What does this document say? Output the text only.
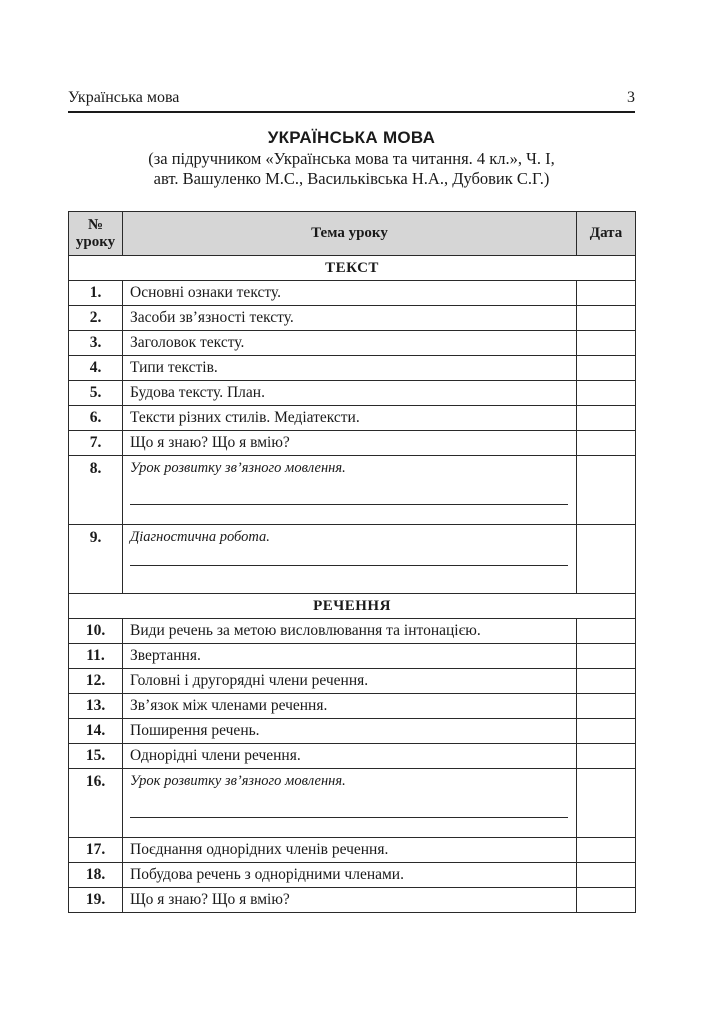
Українська мова	3
УКРАЇНСЬКА МОВА
(за підручником «Українська мова та читання. 4 кл.», Ч. І,
авт. Вашуленко М.С., Васильківська Н.А., Дубовик С.Г.)
№
уроку	Тема уроку	Дата
ТЕКСТ		
1.	Основні ознаки тексту.	
2.	Засоби зв’язності тексту.	
3.	Заголовок тексту.	
4.	Типи текстів.	
5.	Будова тексту. План.	
6.	Тексти різних стилів. Медіатексти.	
7.	Що я знаю? Що я вмію?	
8.	Урок розвитку зв’язного мовлення.	

9.	Діагностична робота.	

РЕЧЕННЯ		
10.	Види речень за метою висловлювання та інтонацією.	
11.	Звертання.	
12.	Головні і другорядні члени речення.	
13.	Зв’язок між членами речення.	
14.	Поширення речень.	
15.	Однорідні члени речення.	
16.	Урок розвитку зв’язного мовлення.	

17.	Поєднання однорідних членів речення.	
18.	Побудова речень з однорідними членами.	
19.	Що я знаю? Що я вмію?	
